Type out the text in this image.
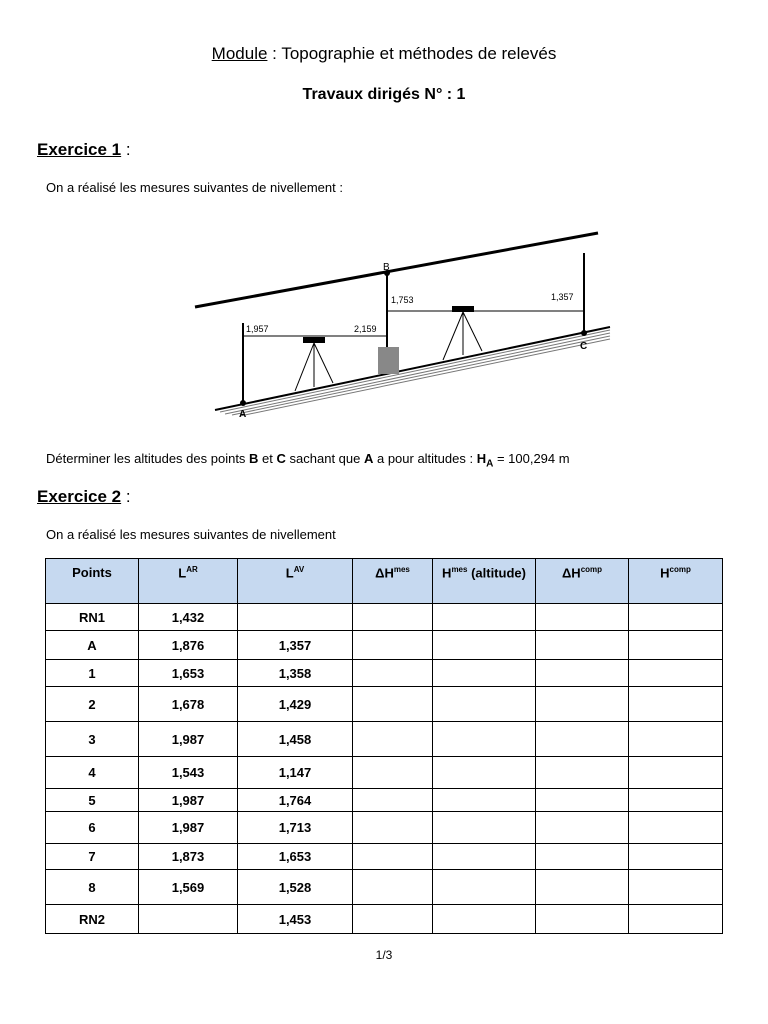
Module : Topographie et méthodes de relevés
Travaux dirigés N° : 1
Exercice 1 :
On a réalisé les mesures suivantes de nivellement :
A
B
C
1,957	2,159
1,753	1,357
Déterminer les altitudes des points B et C sachant que A a pour altitudes : $H_A = 100,294$ m
Exercice 2 :
On a réalisé les mesures suivantes de nivellement
Points	$L^{AR}$	$L^{AV}$	$\Delta H^{mes}$	$H^{mes}$ (altitude)	$\Delta H^{comp}$	$H^{comp}$
RN1	1,432					
A	1,876	1,357				
1	1,653	1,358				
2	1,678	1,429				
3	1,987	1,458				
4	1,543	1,147				
5	1,987	1,764				
6	1,987	1,713				
7	1,873	1,653				
8	1,569	1,528				
RN2		1,453				
1/3
